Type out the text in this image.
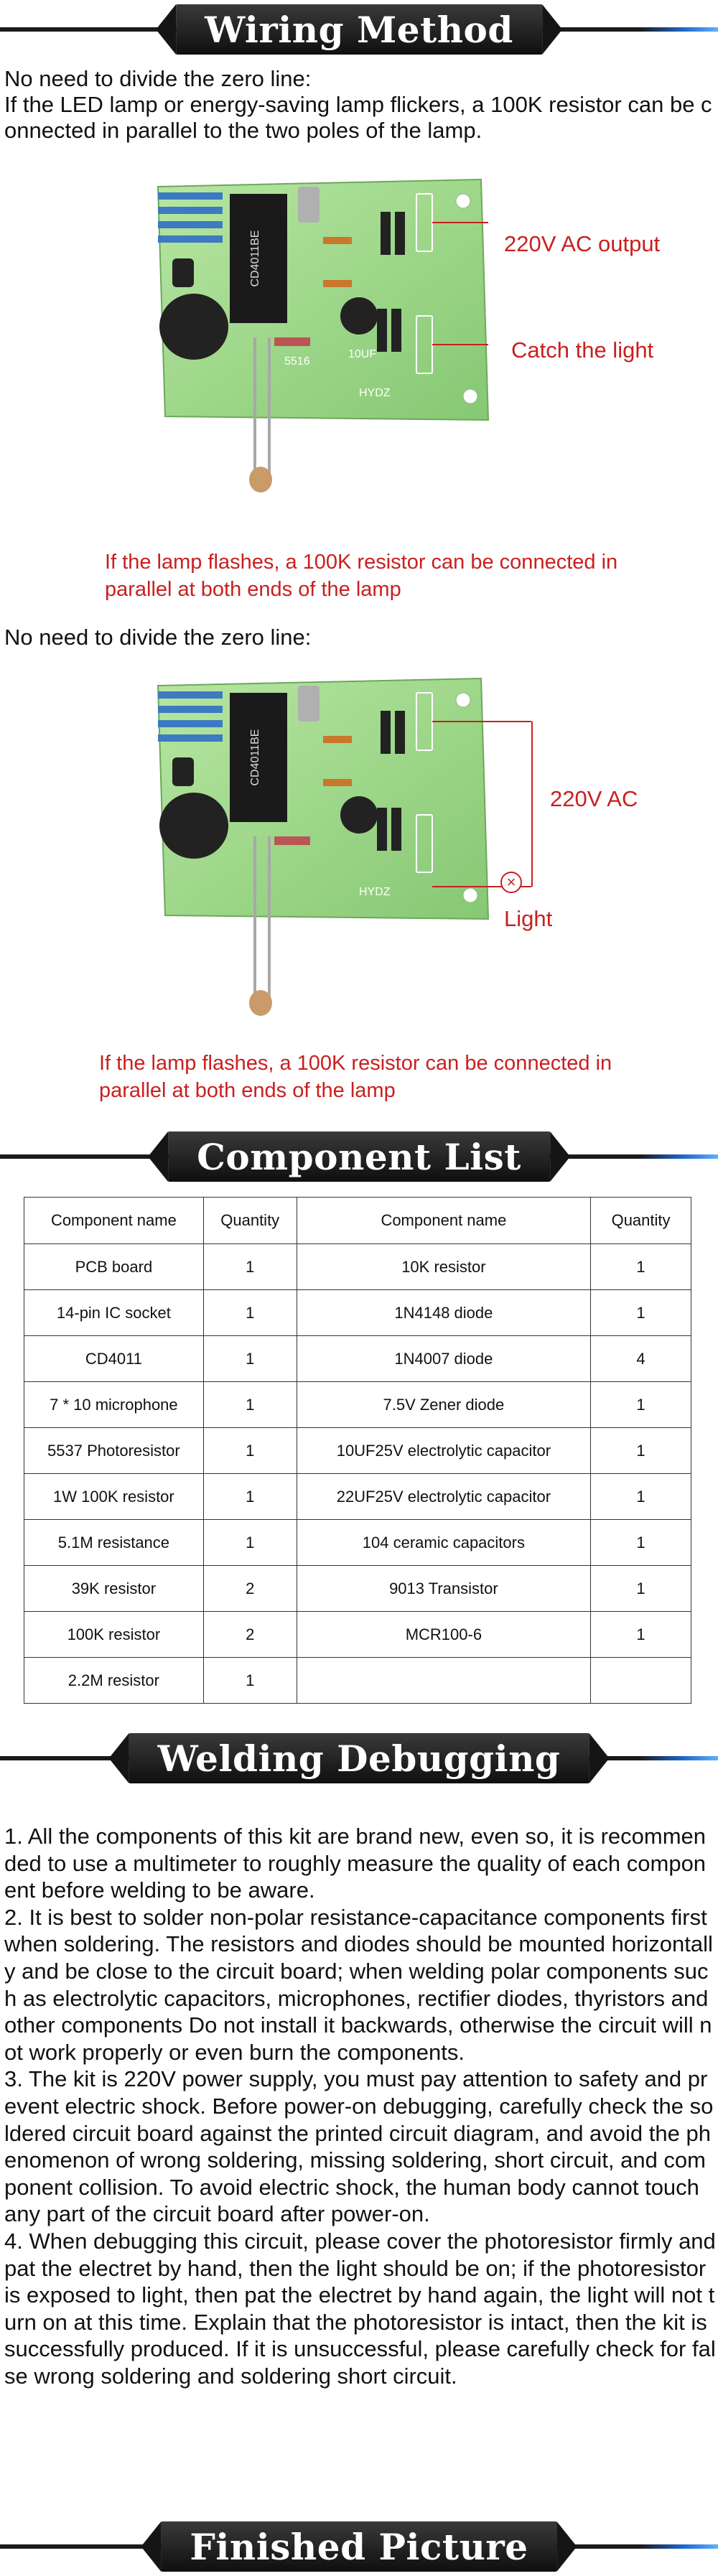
Wiring Method
No need to divide the zero line:
If the LED lamp or energy-saving lamp flickers, a 100K resistor can be connected in parallel to the two poles of the lamp.
CD4011BE
5516
HYDZ
10UF
220V AC output
Catch the light
If the lamp flashes, a 100K resistor can be connected in parallel at both ends of the lamp
No need to divide the zero line:
CD4011BE
HYDZ
220V AC
×
Light
If the lamp flashes, a 100K resistor can be connected in parallel at both ends of the lamp
Component List
Component name	Quantity	Component name	Quantity
PCB board	1	10K resistor	1
14-pin IC socket	1	1N4148 diode	1
CD4011	1	1N4007 diode	4
7 * 10 microphone	1	7.5V Zener diode	1
5537 Photoresistor	1	10UF25V electrolytic capacitor	1
1W 100K resistor	1	22UF25V electrolytic capacitor	1
5.1M resistance	1	104 ceramic capacitors	1
39K resistor	2	9013 Transistor	1
100K resistor	2	MCR100-6	1
2.2M resistor	1		
Welding Debugging

1. All the components of this kit are brand new, even so, it is recommended to use a multimeter to roughly measure the quality of each component before welding to be aware.

2. It is best to solder non-polar resistance-capacitance components first when soldering. The resistors and diodes should be mounted horizontally and be close to the circuit board; when welding polar components such as electrolytic capacitors, microphones, rectifier diodes, thyristors and other components Do not install it backwards, otherwise the circuit will not work properly or even burn the components.

3. The kit is 220V power supply, you must pay attention to safety and prevent electric shock. Before power-on debugging, carefully check the soldered circuit board against the printed circuit diagram, and avoid the phenomenon of wrong soldering, missing soldering, short circuit, and component collision. To avoid electric shock, the human body cannot touch any part of the circuit board after power-on.

4. When debugging this circuit, please cover the photoresistor firmly and pat the electret by hand, then the light should be on; if the photoresistor is exposed to light, then pat the electret by hand again, the light will not turn on at this time. Explain that the photoresistor is intact, then the kit is successfully produced. If it is unsuccessful, please carefully check for false wrong soldering and soldering short circuit.

Finished Picture
